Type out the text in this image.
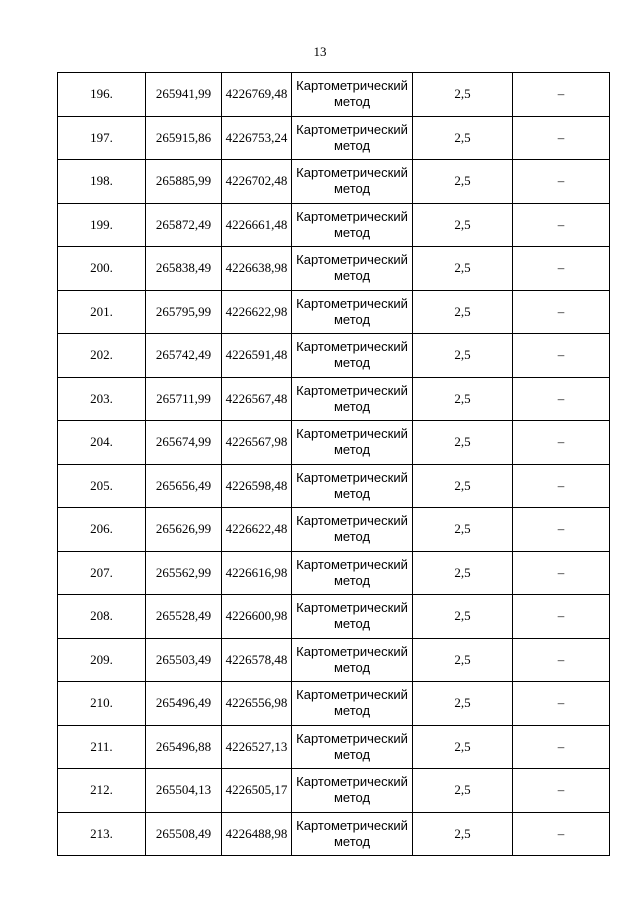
13
196.	265941,99	4226769,48	Картометрический
метод	2,5	–
197.	265915,86	4226753,24	Картометрический
метод	2,5	–
198.	265885,99	4226702,48	Картометрический
метод	2,5	–
199.	265872,49	4226661,48	Картометрический
метод	2,5	–
200.	265838,49	4226638,98	Картометрический
метод	2,5	–
201.	265795,99	4226622,98	Картометрический
метод	2,5	–
202.	265742,49	4226591,48	Картометрический
метод	2,5	–
203.	265711,99	4226567,48	Картометрический
метод	2,5	–
204.	265674,99	4226567,98	Картометрический
метод	2,5	–
205.	265656,49	4226598,48	Картометрический
метод	2,5	–
206.	265626,99	4226622,48	Картометрический
метод	2,5	–
207.	265562,99	4226616,98	Картометрический
метод	2,5	–
208.	265528,49	4226600,98	Картометрический
метод	2,5	–
209.	265503,49	4226578,48	Картометрический
метод	2,5	–
210.	265496,49	4226556,98	Картометрический
метод	2,5	–
211.	265496,88	4226527,13	Картометрический
метод	2,5	–
212.	265504,13	4226505,17	Картометрический
метод	2,5	–
213.	265508,49	4226488,98	Картометрический
метод	2,5	–
